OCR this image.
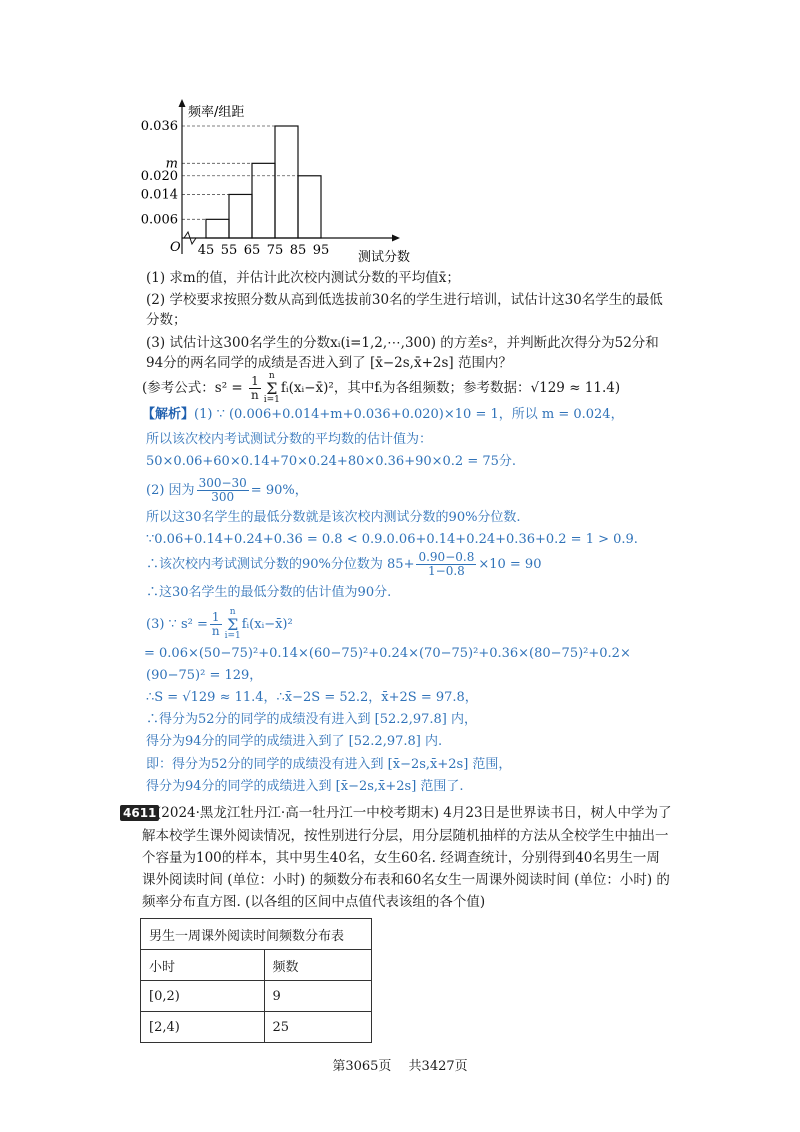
频率/组距
测试分数
O
0.036
m
0.020
0.014
0.006
45 55 65 75 85 95
(1) 求m的值，并估计此次校内测试分数的平均值x̄；
(2) 学校要求按照分数从高到低选拔前30名的学生进行培训，试估计这30名学生的最低
分数；
(3) 试估计这300名学生的分数xᵢ(i=1,2,⋯,300) 的方差s²，并判断此次得分为52分和
94分的两名同学的成绩是否进入到了 [x̄−2s,x̄+2s] 范围内？
(参考公式：$s^2 = \frac{1}{n}$ n
Σ
i=1
fᵢ(xᵢ−x̄)²，其中fᵢ为各组频数；参考数据：√129 ≈ 11.4)
【解析】(1) ∵ (0.006+0.014+m+0.036+0.020)×10 = 1，所以 m = 0.024，
所以该次校内考试测试分数的平均数的估计值为：
50×0.06+60×0.14+70×0.24+80×0.36+90×0.2 = 75分.
(2) 因为 $\frac{300-30}{300} = 90\%$，
所以这30名学生的最低分数就是该次校内测试分数的90%分位数.
∵0.06+0.14+0.24+0.36 = 0.8 < 0.9.0.06+0.14+0.24+0.36+0.2 = 1 > 0.9.
∴该次校内考试测试分数的90%分位数为 $85+ \frac{0.90-0.8}{1-0.8} \times 10 = 90$
∴这30名学生的最低分数的估计值为90分.
(3) ∵ $s^2 = \frac{1}{n}$ n
Σ
i=1
fᵢ(xᵢ−x̄)²
= 0.06×(50−75)²+0.14×(60−75)²+0.24×(70−75)²+0.36×(80−75)²+0.2×
(90−75)² = 129，
∴S = √129 ≈ 11.4，∴x̄−2S = 52.2，x̄+2S = 97.8，
∴得分为52分的同学的成绩没有进入到 [52.2,97.8] 内，
得分为94分的同学的成绩进入到了 [52.2,97.8] 内.
即：得分为52分的同学的成绩没有进入到 [x̄−2s,x̄+2s] 范围，
得分为94分的同学的成绩进入到 [x̄−2s,x̄+2s] 范围了.
4611 (2024·黑龙江牡丹江·高一牡丹江一中校考期末) 4月23日是世界读书日，树人中学为了
解本校学生课外阅读情况，按性别进行分层，用分层随机抽样的方法从全校学生中抽出一
个容量为100的样本，其中男生40名，女生60名. 经调查统计，分别得到40名男生一周
课外阅读时间 (单位：小时) 的频数分布表和60名女生一周课外阅读时间 (单位：小时) 的
频率分布直方图. (以各组的区间中点值代表该组的各个值)
男生一周课外阅读时间频数分布表	
小时	频数
[0,2)	9
[2,4)	25
第3065页　 共3427页
